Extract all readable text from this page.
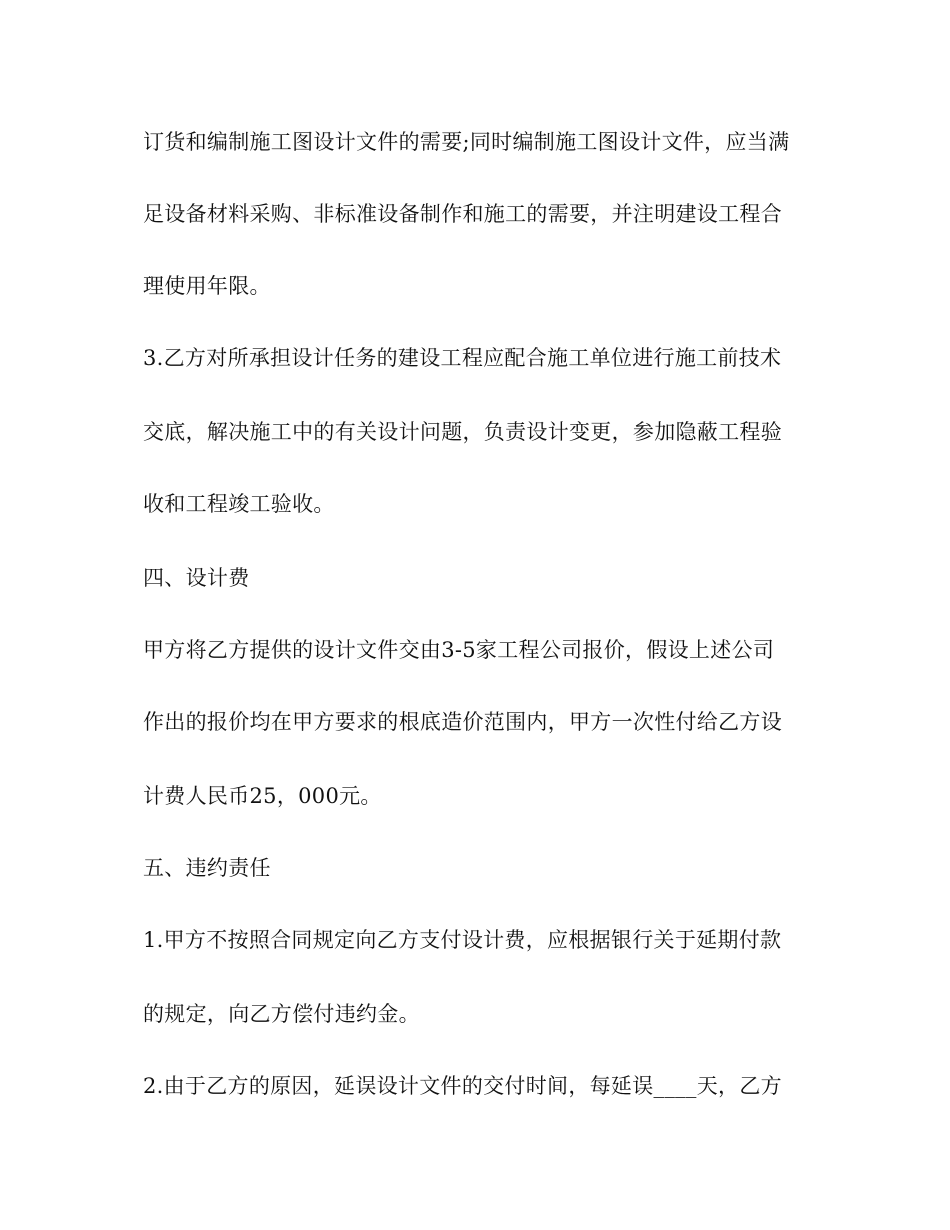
订货和编制施工图设计文件的需要;同时编制施工图设计文件，应当满

足设备材料采购、非标准设备制作和施工的需要，并注明建设工程合

理使用年限。

3.乙方对所承担设计任务的建设工程应配合施工单位进行施工前技术

交底，解决施工中的有关设计问题，负责设计变更，参加隐蔽工程验

收和工程竣工验收。

四、设计费

甲方将乙方提供的设计文件交由3-5家工程公司报价，假设上述公司

作出的报价均在甲方要求的根底造价范围内，甲方一次性付给乙方设

计费人民币25，000元。

五、违约责任

1.甲方不按照合同规定向乙方支付设计费，应根据银行关于延期付款

的规定，向乙方偿付违约金。

2.由于乙方的原因，延误设计文件的交付时间，每延误____天，乙方
